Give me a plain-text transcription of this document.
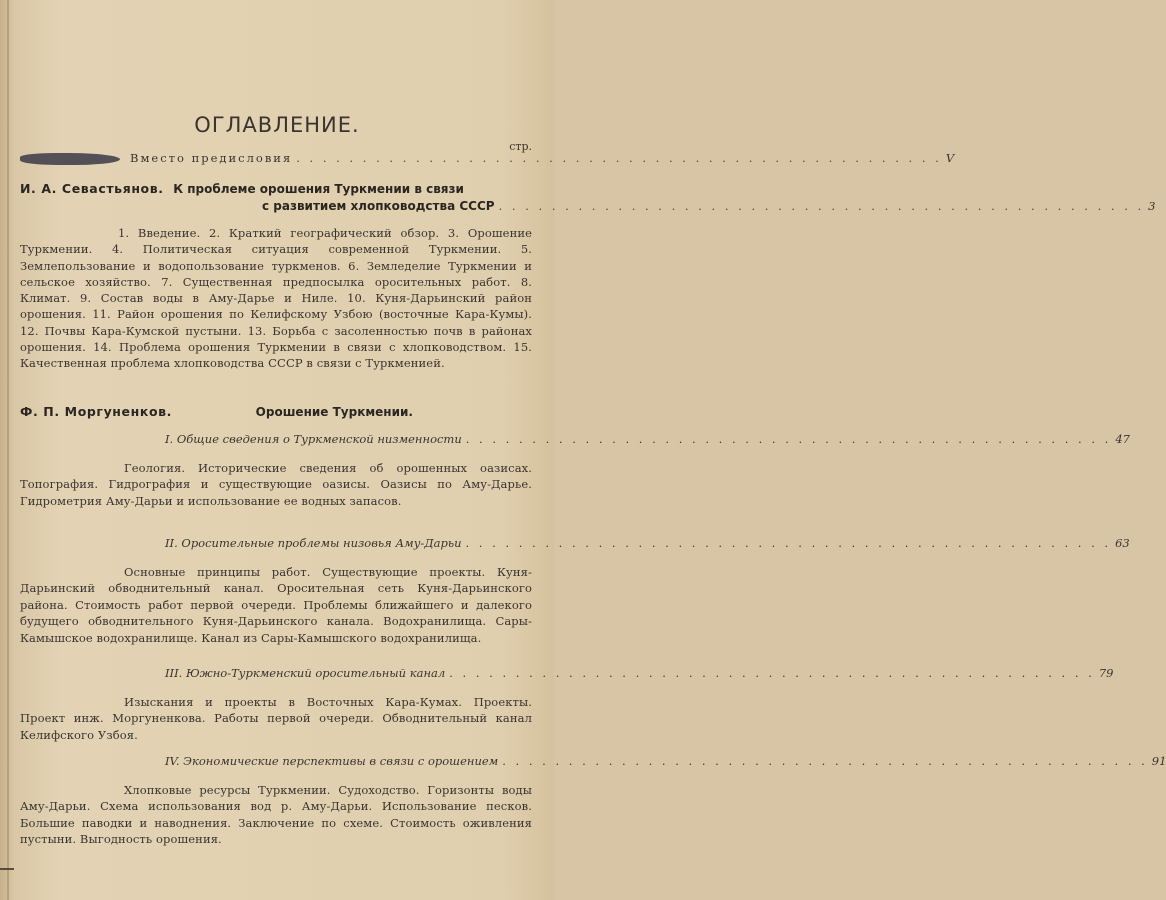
ОГЛАВЛЕНИЕ.
стр.
Вместо предисловия . . . . . . . . . . . . . . . . . . . . . . . . . . . . . . . . . . . . . . . . . . . . . . . . . V
И. А. Севастьянов. К проблеме орошения Туркмении в связи
с развитием хлопководства СССР . . . . . . . . . . . . . . . . . . . . . . . . . . . . . . . . . . . . . . . . . . . . . . . . . 3
1. Введение. 2. Краткий географический обзор. 3. Орошение Туркмении. 4. Политическая ситуация современной Туркмении. 5. Землепользование и водопользование туркменов. 6. Земледелие Туркмении и сельское хозяйство. 7. Существенная предпосылка оросительных работ. 8. Климат. 9. Состав воды в Аму-Дарье и Ниле. 10. Куня-Дарьинский район орошения. 11. Район орошения по Келифскому Узбою (восточные Кара-Кумы). 12. Почвы Кара-Кумской пустыни. 13. Борьба с засоленностью почв в районах орошения. 14. Проблема орошения Туркмении в связи с хлопководством. 15. Качественная проблема хлопководства СССР в связи с Туркменией.
Ф. П. Моргуненков.	Орошение Туркмении.
I. Общие сведения о Туркменской низменности . . . . . . . . . . . . . . . . . . . . . . . . . . . . . . . . . . . . . . . . . . . . . . . . . 47
Геология. Исторические сведения об орошенных оазисах. Топография. Гидрография и существующие оазисы. Оазисы по Аму-Дарье. Гидрометрия Аму-Дарьи и использование ее водных запасов.
II. Оросительные проблемы низовья Аму-Дарьи . . . . . . . . . . . . . . . . . . . . . . . . . . . . . . . . . . . . . . . . . . . . . . . . . 63
Основные принципы работ. Существующие проекты. Куня-Дарьинский обводнительный канал. Оросительная сеть Куня-Дарьинского района. Стоимость работ первой очереди. Проблемы ближайшего и далекого будущего обводнительного Куня-Дарьинского канала. Водохранилища. Сары-Камышское водохранилище. Канал из Сары-Камышского водохранилища.
III. Южно-Туркменский оросительный канал . . . . . . . . . . . . . . . . . . . . . . . . . . . . . . . . . . . . . . . . . . . . . . . . . 79
Изыскания и проекты в Восточных Кара-Кумах. Проекты. Проект инж. Моргуненкова. Работы первой очереди. Обводнительный канал Келифского Узбоя.
IV. Экономические перспективы в связи с орошением . . . . . . . . . . . . . . . . . . . . . . . . . . . . . . . . . . . . . . . . . . . . . . . . . 91
Хлопковые ресурсы Туркмении. Судоходство. Горизонты воды Аму-Дарьи. Схема использования вод р. Аму-Дарьи. Использование песков. Большие паводки и наводнения. Заключение по схеме. Стоимость оживления пустыни. Выгодность орошения.
